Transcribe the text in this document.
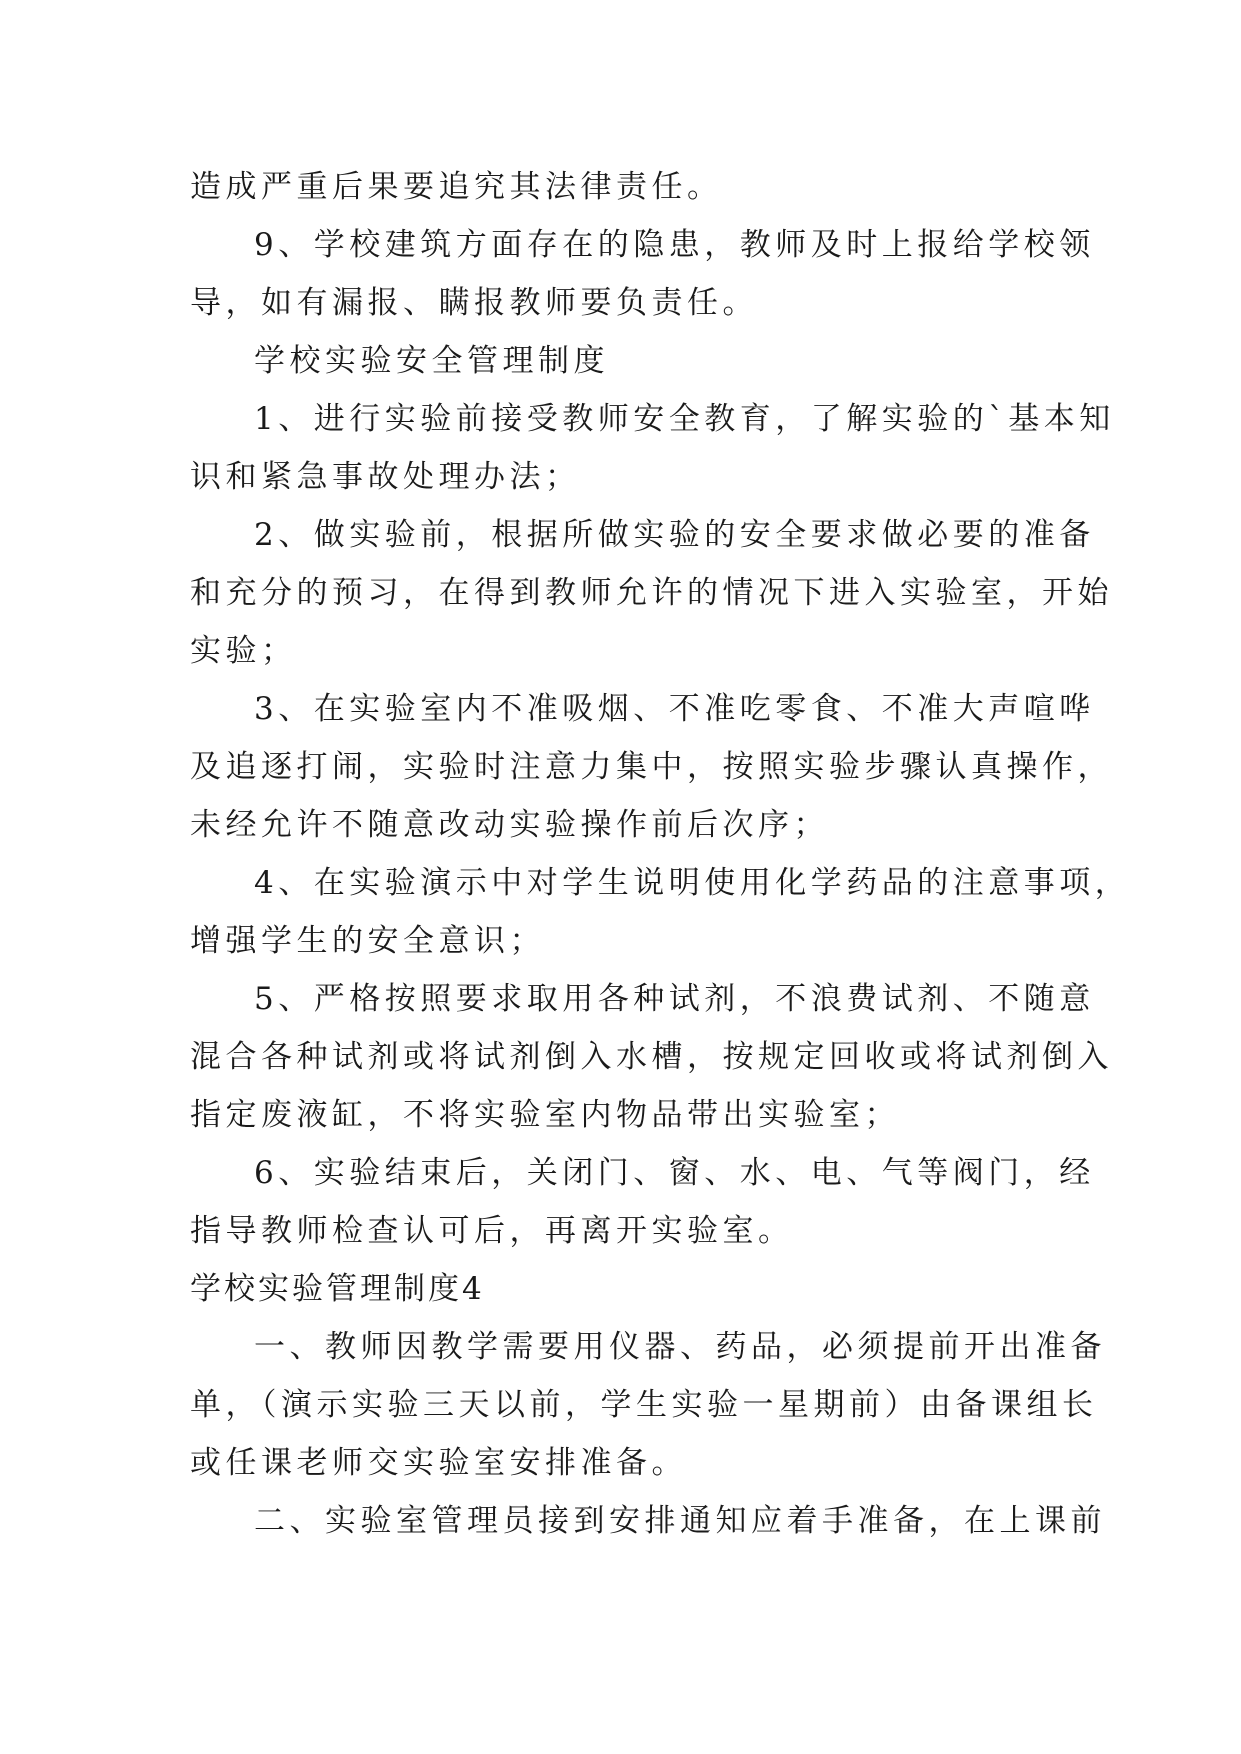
造成严重后果要追究其法律责任。
9、学校建筑方面存在的隐患，教师及时上报给学校领
导，如有漏报、瞒报教师要负责任。
学校实验安全管理制度
1、进行实验前接受教师安全教育，了解实验的`基本知
识和紧急事故处理办法；
2、做实验前，根据所做实验的安全要求做必要的准备
和充分的预习，在得到教师允许的情况下进入实验室，开始
实验；
3、在实验室内不准吸烟、不准吃零食、不准大声喧哗
及追逐打闹，实验时注意力集中，按照实验步骤认真操作，
未经允许不随意改动实验操作前后次序；
4、在实验演示中对学生说明使用化学药品的注意事项，
增强学生的安全意识；
5、严格按照要求取用各种试剂，不浪费试剂、不随意
混合各种试剂或将试剂倒入水槽，按规定回收或将试剂倒入
指定废液缸，不将实验室内物品带出实验室；
6、实验结束后，关闭门、窗、水、电、气等阀门，经
指导教师检查认可后，再离开实验室。
学校实验管理制度4
一、教师因教学需要用仪器、药品，必须提前开出准备
单，（演示实验三天以前，学生实验一星期前）由备课组长
或任课老师交实验室安排准备。
二、实验室管理员接到安排通知应着手准备，在上课前
